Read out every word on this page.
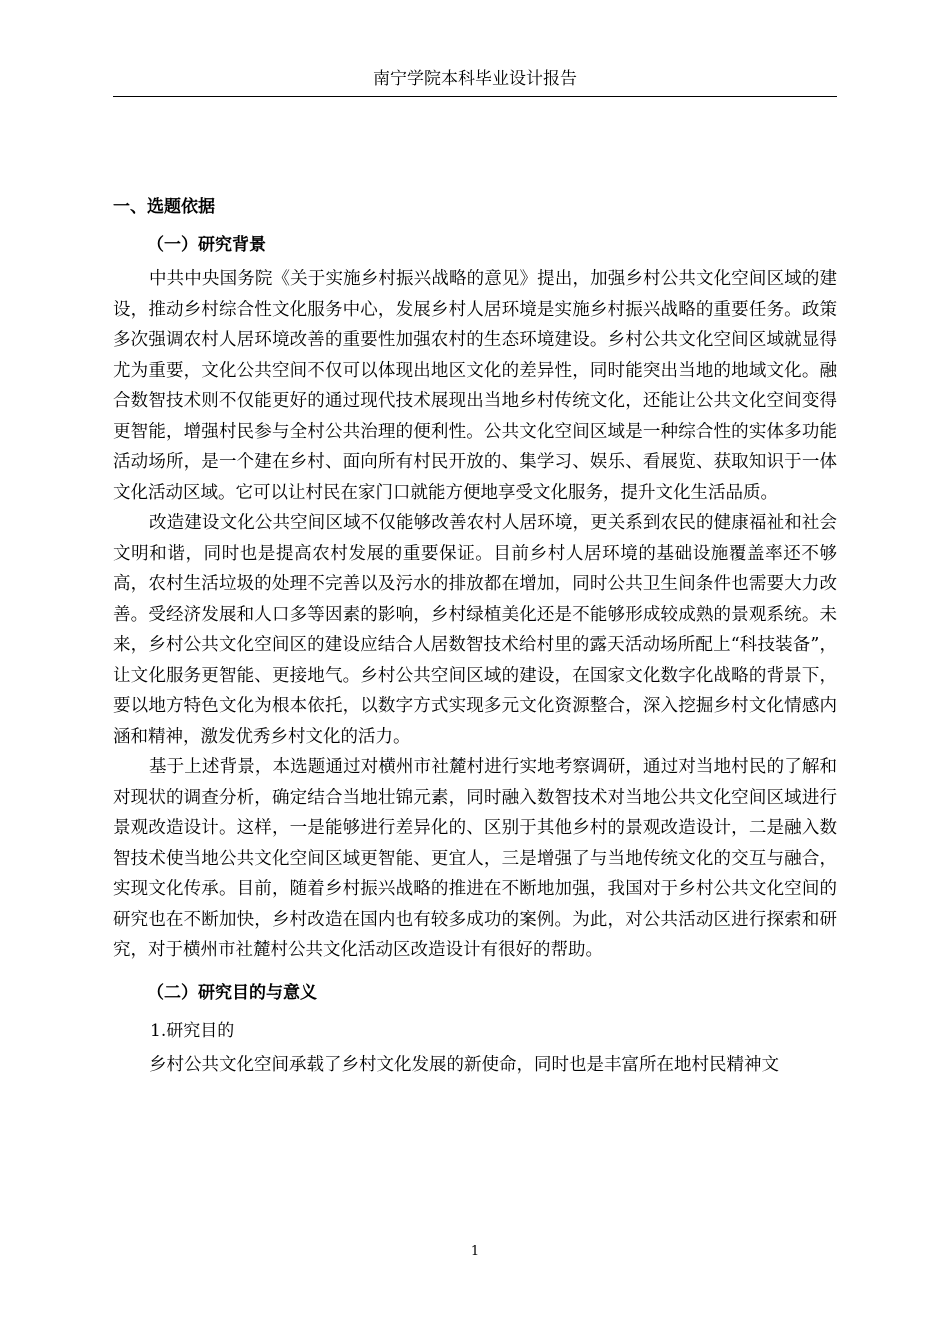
南宁学院本科毕业设计报告
一、选题依据
（一）研究背景

中共中央国务院《关于实施乡村振兴战略的意见》提出，加强乡村公共文化空间区域的建设，推动乡村综合性文化服务中心，发展乡村人居环境是实施乡村振兴战略的重要任务。政策多次强调农村人居环境改善的重要性加强农村的生态环境建设。乡村公共文化空间区域就显得尤为重要，文化公共空间不仅可以体现出地区文化的差异性，同时能突出当地的地域文化。融合数智技术则不仅能更好的通过现代技术展现出当地乡村传统文化，还能让公共文化空间变得更智能，增强村民参与全村公共治理的便利性。公共文化空间区域是一种综合性的实体多功能活动场所，是一个建在乡村、面向所有村民开放的、集学习、娱乐、看展览、获取知识于一体文化活动区域。它可以让村民在家门口就能方便地享受文化服务，提升文化生活品质。

改造建设文化公共空间区域不仅能够改善农村人居环境，更关系到农民的健康福祉和社会文明和谐，同时也是提高农村发展的重要保证。目前乡村人居环境的基础设施覆盖率还不够高，农村生活垃圾的处理不完善以及污水的排放都在增加，同时公共卫生间条件也需要大力改善。受经济发展和人口多等因素的影响，乡村绿植美化还是不能够形成较成熟的景观系统。未来，乡村公共文化空间区的建设应结合人居数智技术给村里的露天活动场所配上“科技装备”，让文化服务更智能、更接地气。乡村公共空间区域的建设，在国家文化数字化战略的背景下，要以地方特色文化为根本依托，以数字方式实现多元文化资源整合，深入挖掘乡村文化情感内涵和精神，激发优秀乡村文化的活力。

基于上述背景，本选题通过对横州市社麓村进行实地考察调研，通过对当地村民的了解和对现状的调查分析，确定结合当地壮锦元素，同时融入数智技术对当地公共文化空间区域进行景观改造设计。这样，一是能够进行差异化的、区别于其他乡村的景观改造设计，二是融入数智技术使当地公共文化空间区域更智能、更宜人，三是增强了与当地传统文化的交互与融合，实现文化传承。目前，随着乡村振兴战略的推进在不断地加强，我国对于乡村公共文化空间的研究也在不断加快，乡村改造在国内也有较多成功的案例。为此，对公共活动区进行探索和研究，对于横州市社麓村公共文化活动区改造设计有很好的帮助。

（二）研究目的与意义
1.研究目的

乡村公共文化空间承载了乡村文化发展的新使命，同时也是丰富所在地村民精神文

1
